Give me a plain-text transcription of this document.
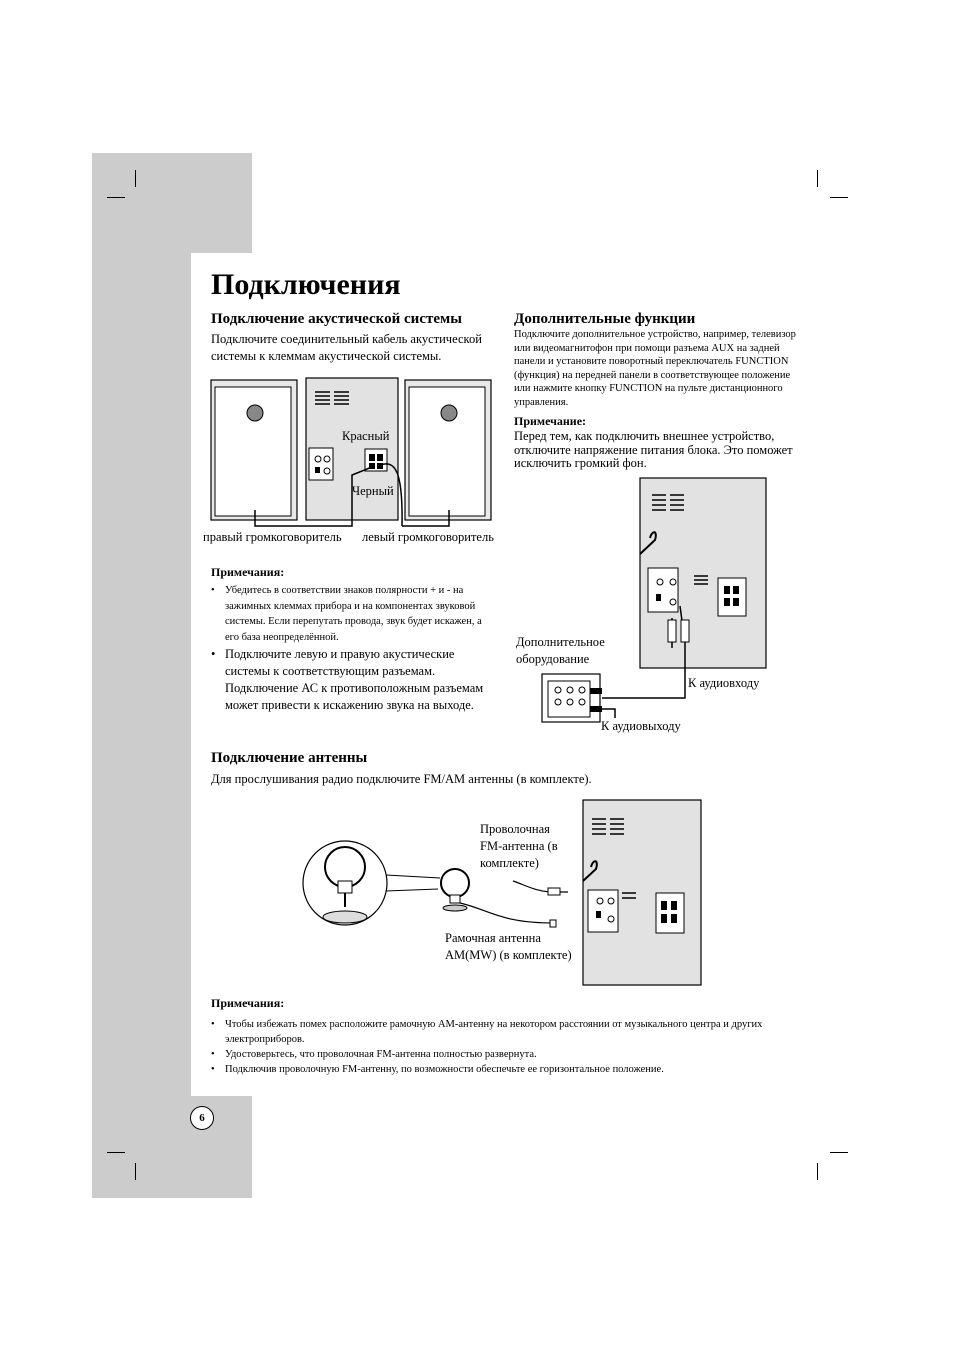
Подключения
Подключение акустической системы
Подключите соединительный кабель акустической системы к клеммам акустической системы.
Красный
Черный
правый громкоговоритель левый громкоговоритель
Примечания:
• Убедитесь в соответствии знаков полярности + и - на зажимных клеммах прибора и на компонентах звуковой системы. Если перепутать провода, звук будет искажен, а его база неопределённой.
• Подключите левую и правую акустические системы к соответствующим разъемам. Подключение АС к противоположным разъемам может привести к искажению звука на выходе.
Дополнительные функции
Подключите дополнительное устройство, например, телевизор или видеомагнитофон при помощи разъема AUX на задней панели и установите поворотный переключатель FUNCTION (функция) на передней панели в соответствующее положение или нажмите кнопку FUNCTION на пульте дистанционного управления.
Примечание:
Перед тем, как подключить внешнее устройство, отключите напряжение питания блока. Это поможет исключить громкий фон.
Дополнительное оборудование
К аудиовходу
К аудиовыходу
Подключение антенны
Для прослушивания радио подключите FM/AM антенны (в комплекте).
Проволочная FM-антенна (в комплекте)
Рамочная антенна AM(MW) (в комплекте)
Примечания:
• Чтобы избежать помех расположите рамочную AM-антенну на некотором расстоянии от музыкального центра и других электроприборов.
• Удостоверьтесь, что проволочная FM-антенна полностью развернута.
• Подключив проволочную FM-антенну, по возможности обеспечьте ее горизонтальное положение.
6
